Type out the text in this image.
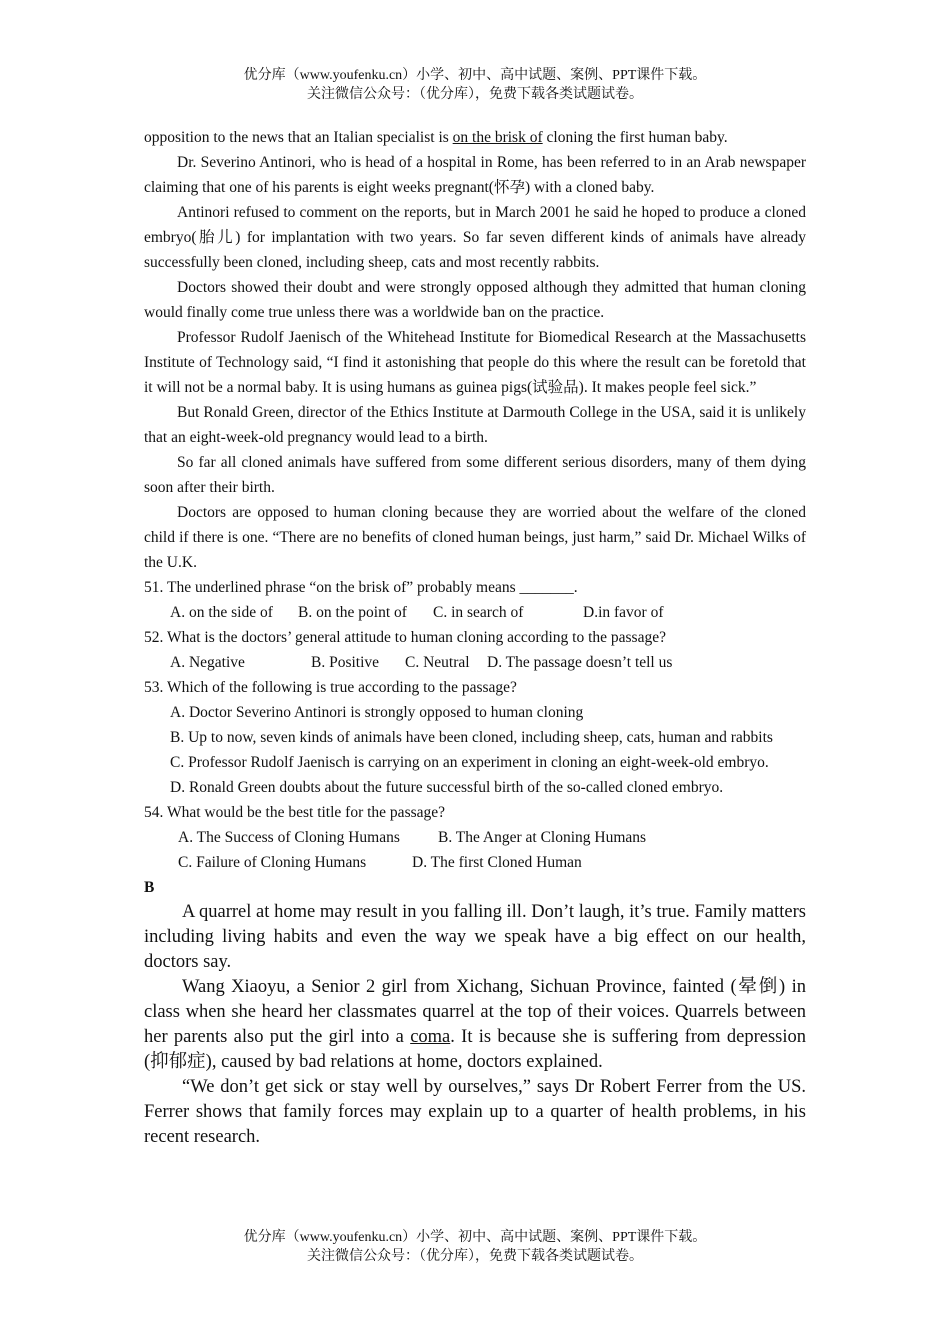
优分库（www.youfenku.cn）小学、初中、高中试题、案例、PPT课件下载。
关注微信公众号：（优分库），免费下载各类试题试卷。

opposition to the news that an Italian specialist is on the brisk of cloning the first human baby.

Dr. Severino Antinori, who is head of a hospital in Rome, has been referred to in an Arab newspaper claiming that one of his parents is eight weeks pregnant(怀孕) with a cloned baby.

Antinori refused to comment on the reports, but in March 2001 he said he hoped to produce a cloned embryo(胎儿) for implantation with two years. So far seven different kinds of animals have already successfully been cloned, including sheep, cats and most recently rabbits.

Doctors showed their doubt and were strongly opposed although they admitted that human cloning would finally come true unless there was a worldwide ban on the practice.

Professor Rudolf Jaenisch of the Whitehead Institute for Biomedical Research at the Massachusetts Institute of Technology said, “I find it astonishing that people do this where the result can be foretold that it will not be a normal baby. It is using humans as guinea pigs(试验品). It makes people feel sick.”

But Ronald Green, director of the Ethics Institute at Darmouth College in the USA, said it is unlikely that an eight-week-old pregnancy would lead to a birth.

So far all cloned animals have suffered from some different serious disorders, many of them dying soon after their birth.

Doctors are opposed to human cloning because they are worried about the welfare of the cloned child if there is one. “There are no benefits of cloned human beings, just harm,” said Dr. Michael Wilks of the U.K.

51. The underlined phrase “on the brisk of” probably means _______.

A. on the side of B. on the point of C. in search of	D.in favor of

52. What is the doctors’ general attitude to human cloning according to the passage?

A. Negative	B. Positive C. Neutral D. The passage doesn’t tell us

53. Which of the following is true according to the passage?

A. Doctor Severino Antinori is strongly opposed to human cloning

B. Up to now, seven kinds of animals have been cloned, including sheep, cats, human and rabbits

C. Professor Rudolf Jaenisch is carrying on an experiment in cloning an eight-week-old embryo.

D. Ronald Green doubts about the future successful birth of the so-called cloned embryo.

54. What would be the best title for the passage?

A. The Success of Cloning Humans B. The Anger at Cloning Humans

C. Failure of Cloning Humans	D. The first Cloned Human

B

A quarrel at home may result in you falling ill. Don’t laugh, it’s true. Family matters including living habits and even the way we speak have a big effect on our health, doctors say.

Wang Xiaoyu, a Senior 2 girl from Xichang, Sichuan Province, fainted (晕倒) in class when she heard her classmates quarrel at the top of their voices. Quarrels between her parents also put the girl into a coma. It is because she is suffering from depression (抑郁症), caused by bad relations at home, doctors explained.

“We don’t get sick or stay well by ourselves,” says Dr Robert Ferrer from the US. Ferrer shows that family forces may explain up to a quarter of health problems, in his recent research.

优分库（www.youfenku.cn）小学、初中、高中试题、案例、PPT课件下载。
关注微信公众号：（优分库），免费下载各类试题试卷。
